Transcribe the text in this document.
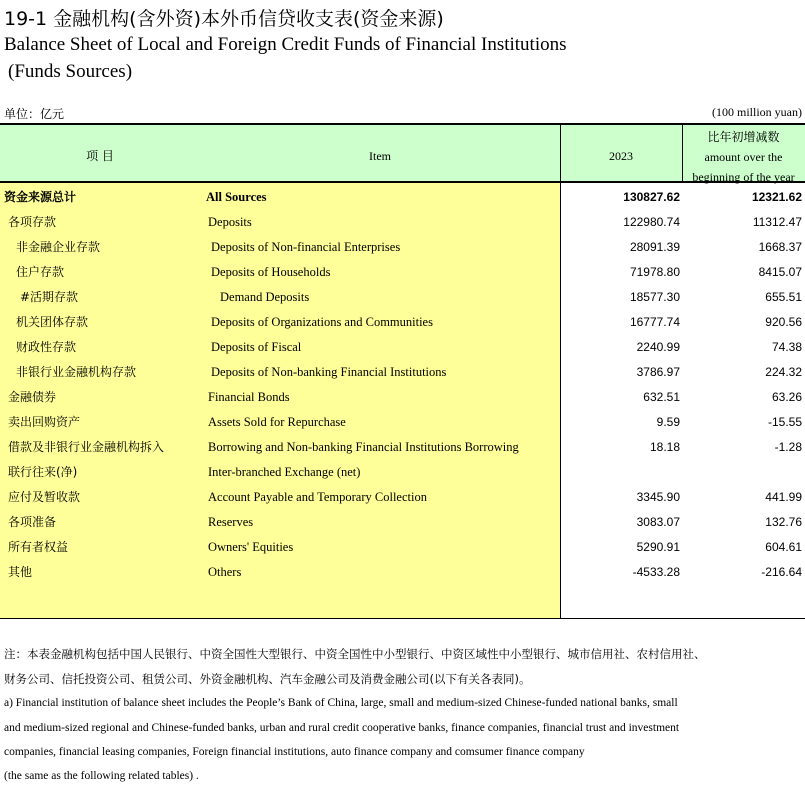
19-1 金融机构(含外资)本外币信贷收支表(资金来源)
Balance Sheet of Local and Foreign Credit Funds of Financial Institutions
(Funds Sources)
单位：亿元	(100 million yuan)
项 目	Item	2023
比年初增减数
amount over the
beginning of the year
资金来源总计	All Sources	130827.62	12321.62
各项存款	Deposits	122980.74	11312.47
非金融企业存款	Deposits of Non-financial Enterprises	28091.39	1668.37
住户存款	Deposits of Households	71978.80	8415.07
#活期存款	Demand Deposits	18577.30	655.51
机关团体存款	Deposits of Organizations and Communities	16777.74	920.56
财政性存款	Deposits of Fiscal	2240.99	74.38
非银行业金融机构存款	Deposits of Non-banking Financial Institutions	3786.97	224.32
金融债券	Financial Bonds	632.51	63.26
卖出回购资产	Assets Sold for Repurchase	9.59	-15.55
借款及非银行业金融机构拆入	Borrowing and Non-banking Financial Institutions Borrowing	18.18	-1.28
联行往来(净)	Inter-branched Exchange (net)
应付及暂收款	Account Payable and Temporary Collection	3345.90	441.99
各项准备	Reserves	3083.07	132.76
所有者权益	Owners' Equities	5290.91	604.61
其他	Others	-4533.28	-216.64
注：本表金融机构包括中国人民银行、中资全国性大型银行、中资全国性中小型银行、中资区域性中小型银行、城市信用社、农村信用社、
财务公司、信托投资公司、租赁公司、外资金融机构、汽车金融公司及消费金融公司(以下有关各表同)。
a) Financial institution of balance sheet includes the People’s Bank of China, large, small and medium-sized Chinese-funded national banks, small
and medium-sized regional and Chinese-funded banks, urban and rural credit cooperative banks, finance companies, financial trust and investment
companies, financial leasing companies, Foreign financial institutions, auto finance company and comsumer finance company
(the same as the following related tables) .
